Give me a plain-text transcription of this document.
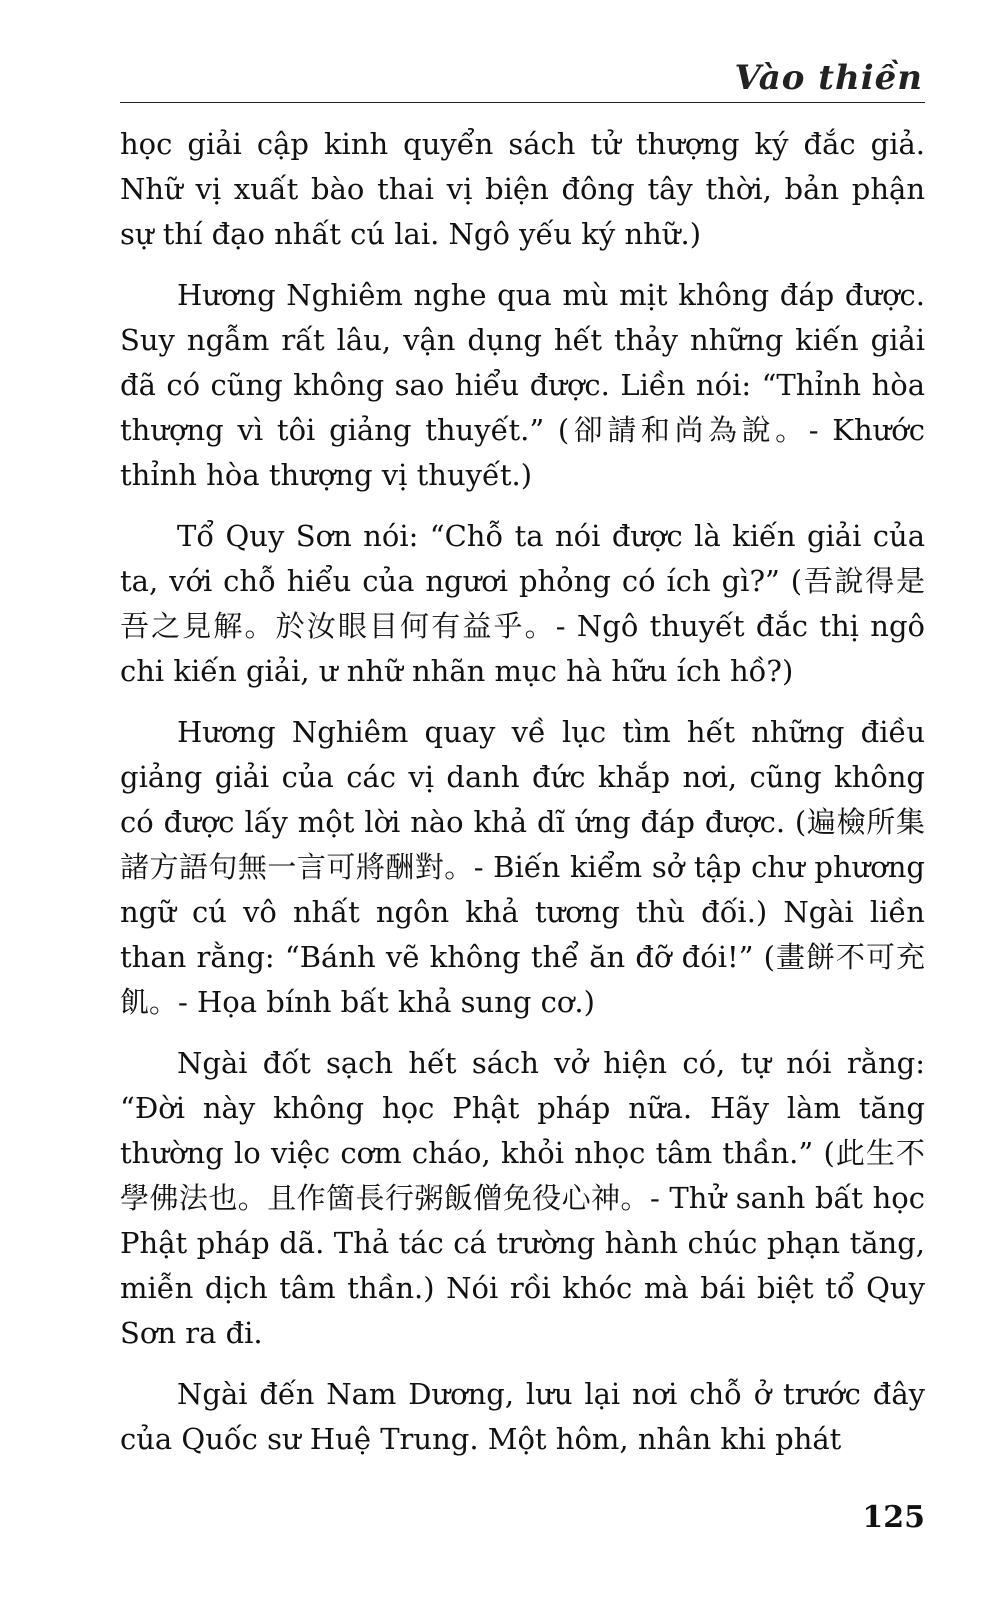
Vào thiền

học giải cập kinh quyển sách tử thượng ký đắc giả. Nhữ vị xuất bào thai vị biện đông tây thời, bản phận sự thí đạo nhất cú lai. Ngô yếu ký nhữ.)

Hương Nghiêm nghe qua mù mịt không đáp được. Suy ngẫm rất lâu, vận dụng hết thảy những kiến giải đã có cũng không sao hiểu được. Liền nói: “Thỉnh hòa thượng vì tôi giảng thuyết.” (卻請和尚為說。- Khước thỉnh hòa thượng vị thuyết.)

Tổ Quy Sơn nói: “Chỗ ta nói được là kiến giải của ta, với chỗ hiểu của ngươi phỏng có ích gì?” (吾說得是吾之見解。於汝眼目何有益乎。- Ngô thuyết đắc thị ngô chi kiến giải, ư nhữ nhãn mục hà hữu ích hồ?)

Hương Nghiêm quay về lục tìm hết những điều giảng giải của các vị danh đức khắp nơi, cũng không có được lấy một lời nào khả dĩ ứng đáp được. (遍檢所集諸方語句無一言可將酬對。- Biến kiểm sở tập chư phương ngữ cú vô nhất ngôn khả tương thù đối.) Ngài liền than rằng: “Bánh vẽ không thể ăn đỡ đói!” (畫餅不可充飢。- Họa bính bất khả sung cơ.)

Ngài đốt sạch hết sách vở hiện có, tự nói rằng: “Đời này không học Phật pháp nữa. Hãy làm tăng thường lo việc cơm cháo, khỏi nhọc tâm thần.” (此生不學佛法也。且作箇長行粥飯僧免役心神。- Thử sanh bất học Phật pháp dã. Thả tác cá trường hành chúc phạn tăng, miễn dịch tâm thần.) Nói rồi khóc mà bái biệt tổ Quy Sơn ra đi.

Ngài đến Nam Dương, lưu lại nơi chỗ ở trước đây của Quốc sư Huệ Trung. Một hôm, nhân khi phát

125
